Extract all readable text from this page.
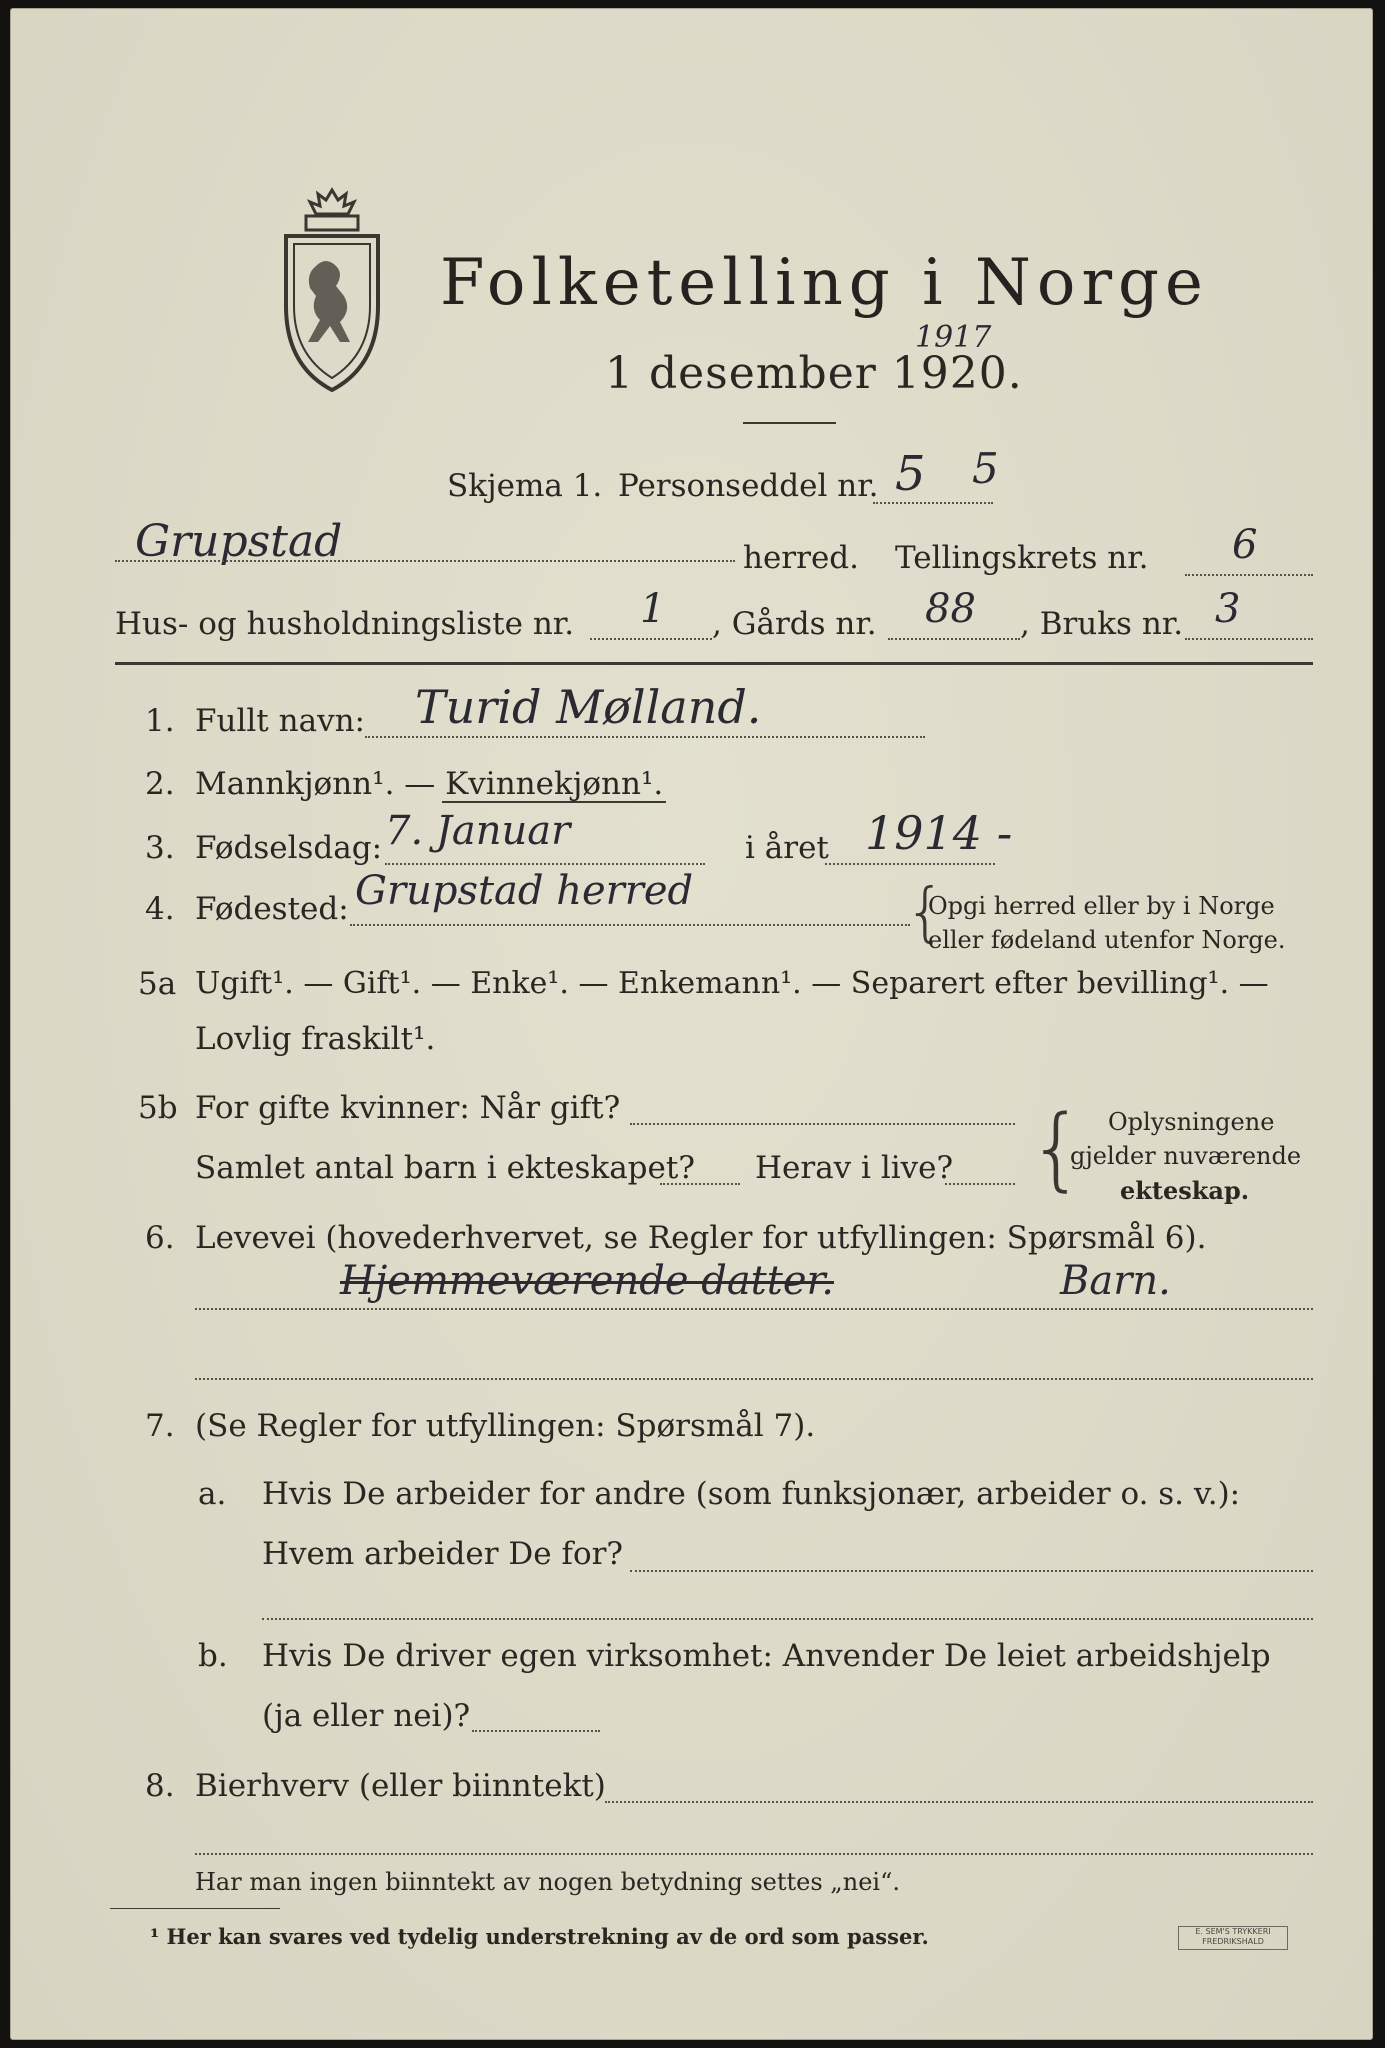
Folketelling i Norge
1 desember 1920.
1917
Skjema 1. Personseddel nr. 5 5
Grupstad	herred. Tellingskrets nr. 6
Hus- og husholdningsliste nr. 1 , Gårds nr. 88 , Bruks nr. 3
1. Fullt navn: Turid Mølland.
2. Mannkjønn¹. — Kvinnekjønn¹.
3. Fødselsdag: 7. Januar	i året 1914 -
4. Fødested: Grupstad herred	{
Opgi herred eller by i Norge
eller fødeland utenfor Norge.
5a Ugift¹. — Gift¹. — Enke¹. — Enkemann¹. — Separert efter bevilling¹. —
Lovlig fraskilt¹.
5b For gifte kvinner: Når gift?
Samlet antal barn i ekteskapet? Herav i live? { Oplysningene
gjelder nuværende
ekteskap.
6. Levevei (hovederhvervet, se Regler for utfyllingen: Spørsmål 6).
Hjemmeværende datter.	Barn.
7. (Se Regler for utfyllingen: Spørsmål 7).
a. Hvis De arbeider for andre (som funksjonær, arbeider o. s. v.):
Hvem arbeider De for?
b. Hvis De driver egen virksomhet: Anvender De leiet arbeidshjelp
(ja eller nei)?
8. Bierhverv (eller biinntekt)
Har man ingen biinntekt av nogen betydning settes „nei“.
¹ Her kan svares ved tydelig understrekning av de ord som passer.	E. SEM'S TRYKKERI FREDRIKSHALD
